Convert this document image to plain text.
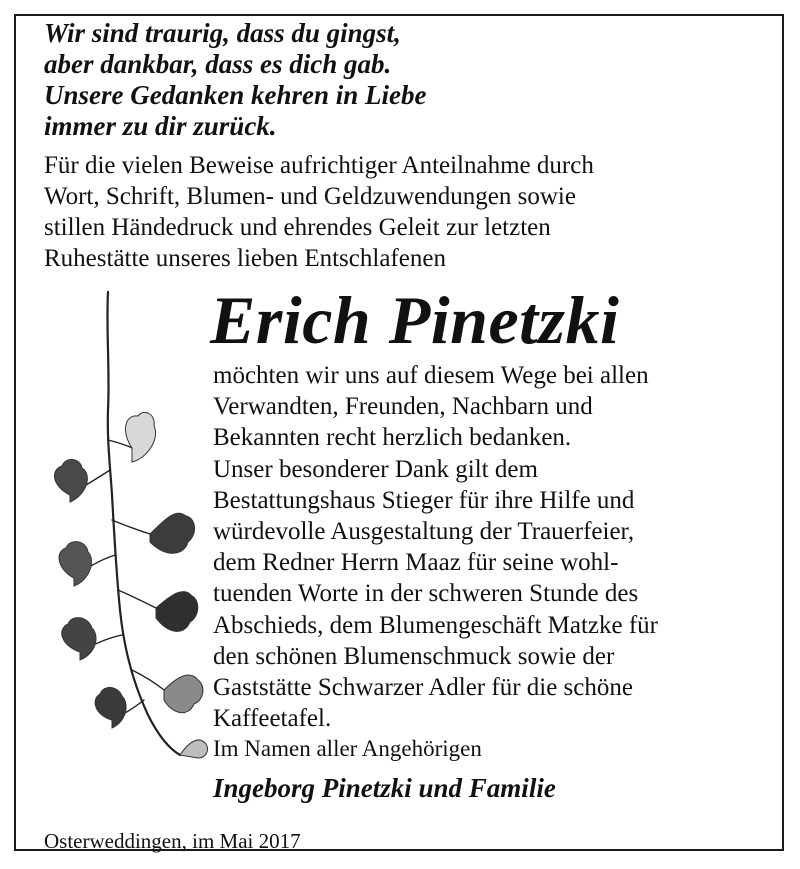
Wir sind traurig, dass du gingst,
aber dankbar, dass es dich gab.
Unsere Gedanken kehren in Liebe
immer zu dir zurück.
Für die vielen Beweise aufrichtiger Anteilnahme durch
Wort, Schrift, Blumen- und Geldzuwendungen sowie
stillen Händedruck und ehrendes Geleit zur letzten
Ruhestätte unseres lieben Entschlafenen
Erich Pinetzki
möchten wir uns auf diesem Wege bei allen
Verwandten, Freunden, Nachbarn und
Bekannten recht herzlich bedanken.
Unser besonderer Dank gilt dem
Bestattungshaus Stieger für ihre Hilfe und
würdevolle Ausgestaltung der Trauerfeier,
dem Redner Herrn Maaz für seine wohl-
tuenden Worte in der schweren Stunde des
Abschieds, dem Blumengeschäft Matzke für
den schönen Blumenschmuck sowie der
Gaststätte Schwarzer Adler für die schöne
Kaffeetafel.
Im Namen aller Angehörigen
Ingeborg Pinetzki und Familie
Osterweddingen, im Mai 2017
